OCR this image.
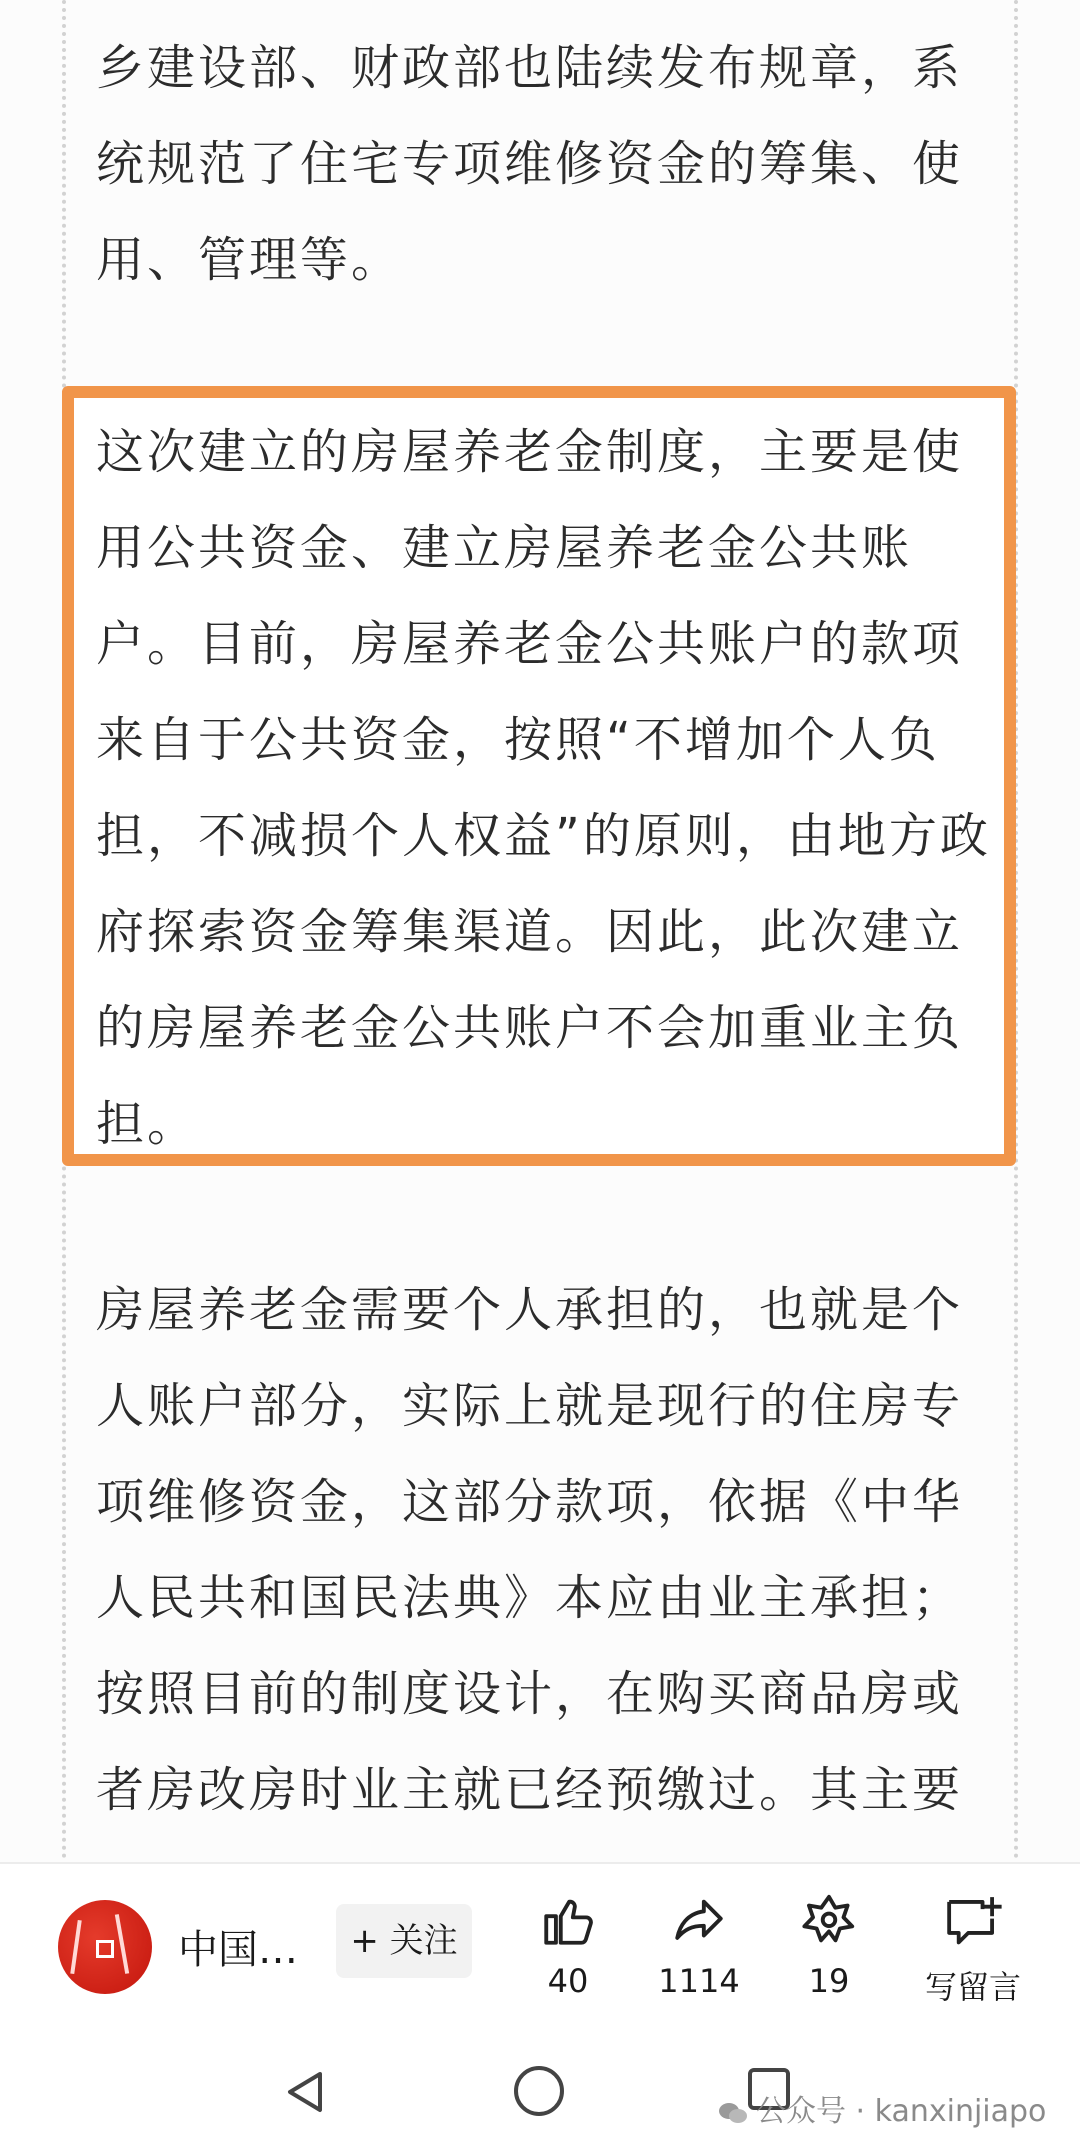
乡建设部、财政部也陆续发布规章，系
统规范了住宅专项维修资金的筹集、使
用、管理等。

这次建立的房屋养老金制度，主要是使
用公共资金、建立房屋养老金公共账
户。目前，房屋养老金公共账户的款项
来自于公共资金，按照“不增加个人负
担，不减损个人权益”的原则，由地方政
府探索资金筹集渠道。因此，此次建立
的房屋养老金公共账户不会加重业主负
担。

房屋养老金需要个人承担的，也就是个
人账户部分，实际上就是现行的住房专
项维修资金，这部分款项，依据《中华
人民共和国民法典》本应由业主承担；
按照目前的制度设计，在购买商品房或
者房改房时业主就已经预缴过。其主要

中国…	+ 关注
40	1114	19	写留言
公众号 · kanxinjiapo
